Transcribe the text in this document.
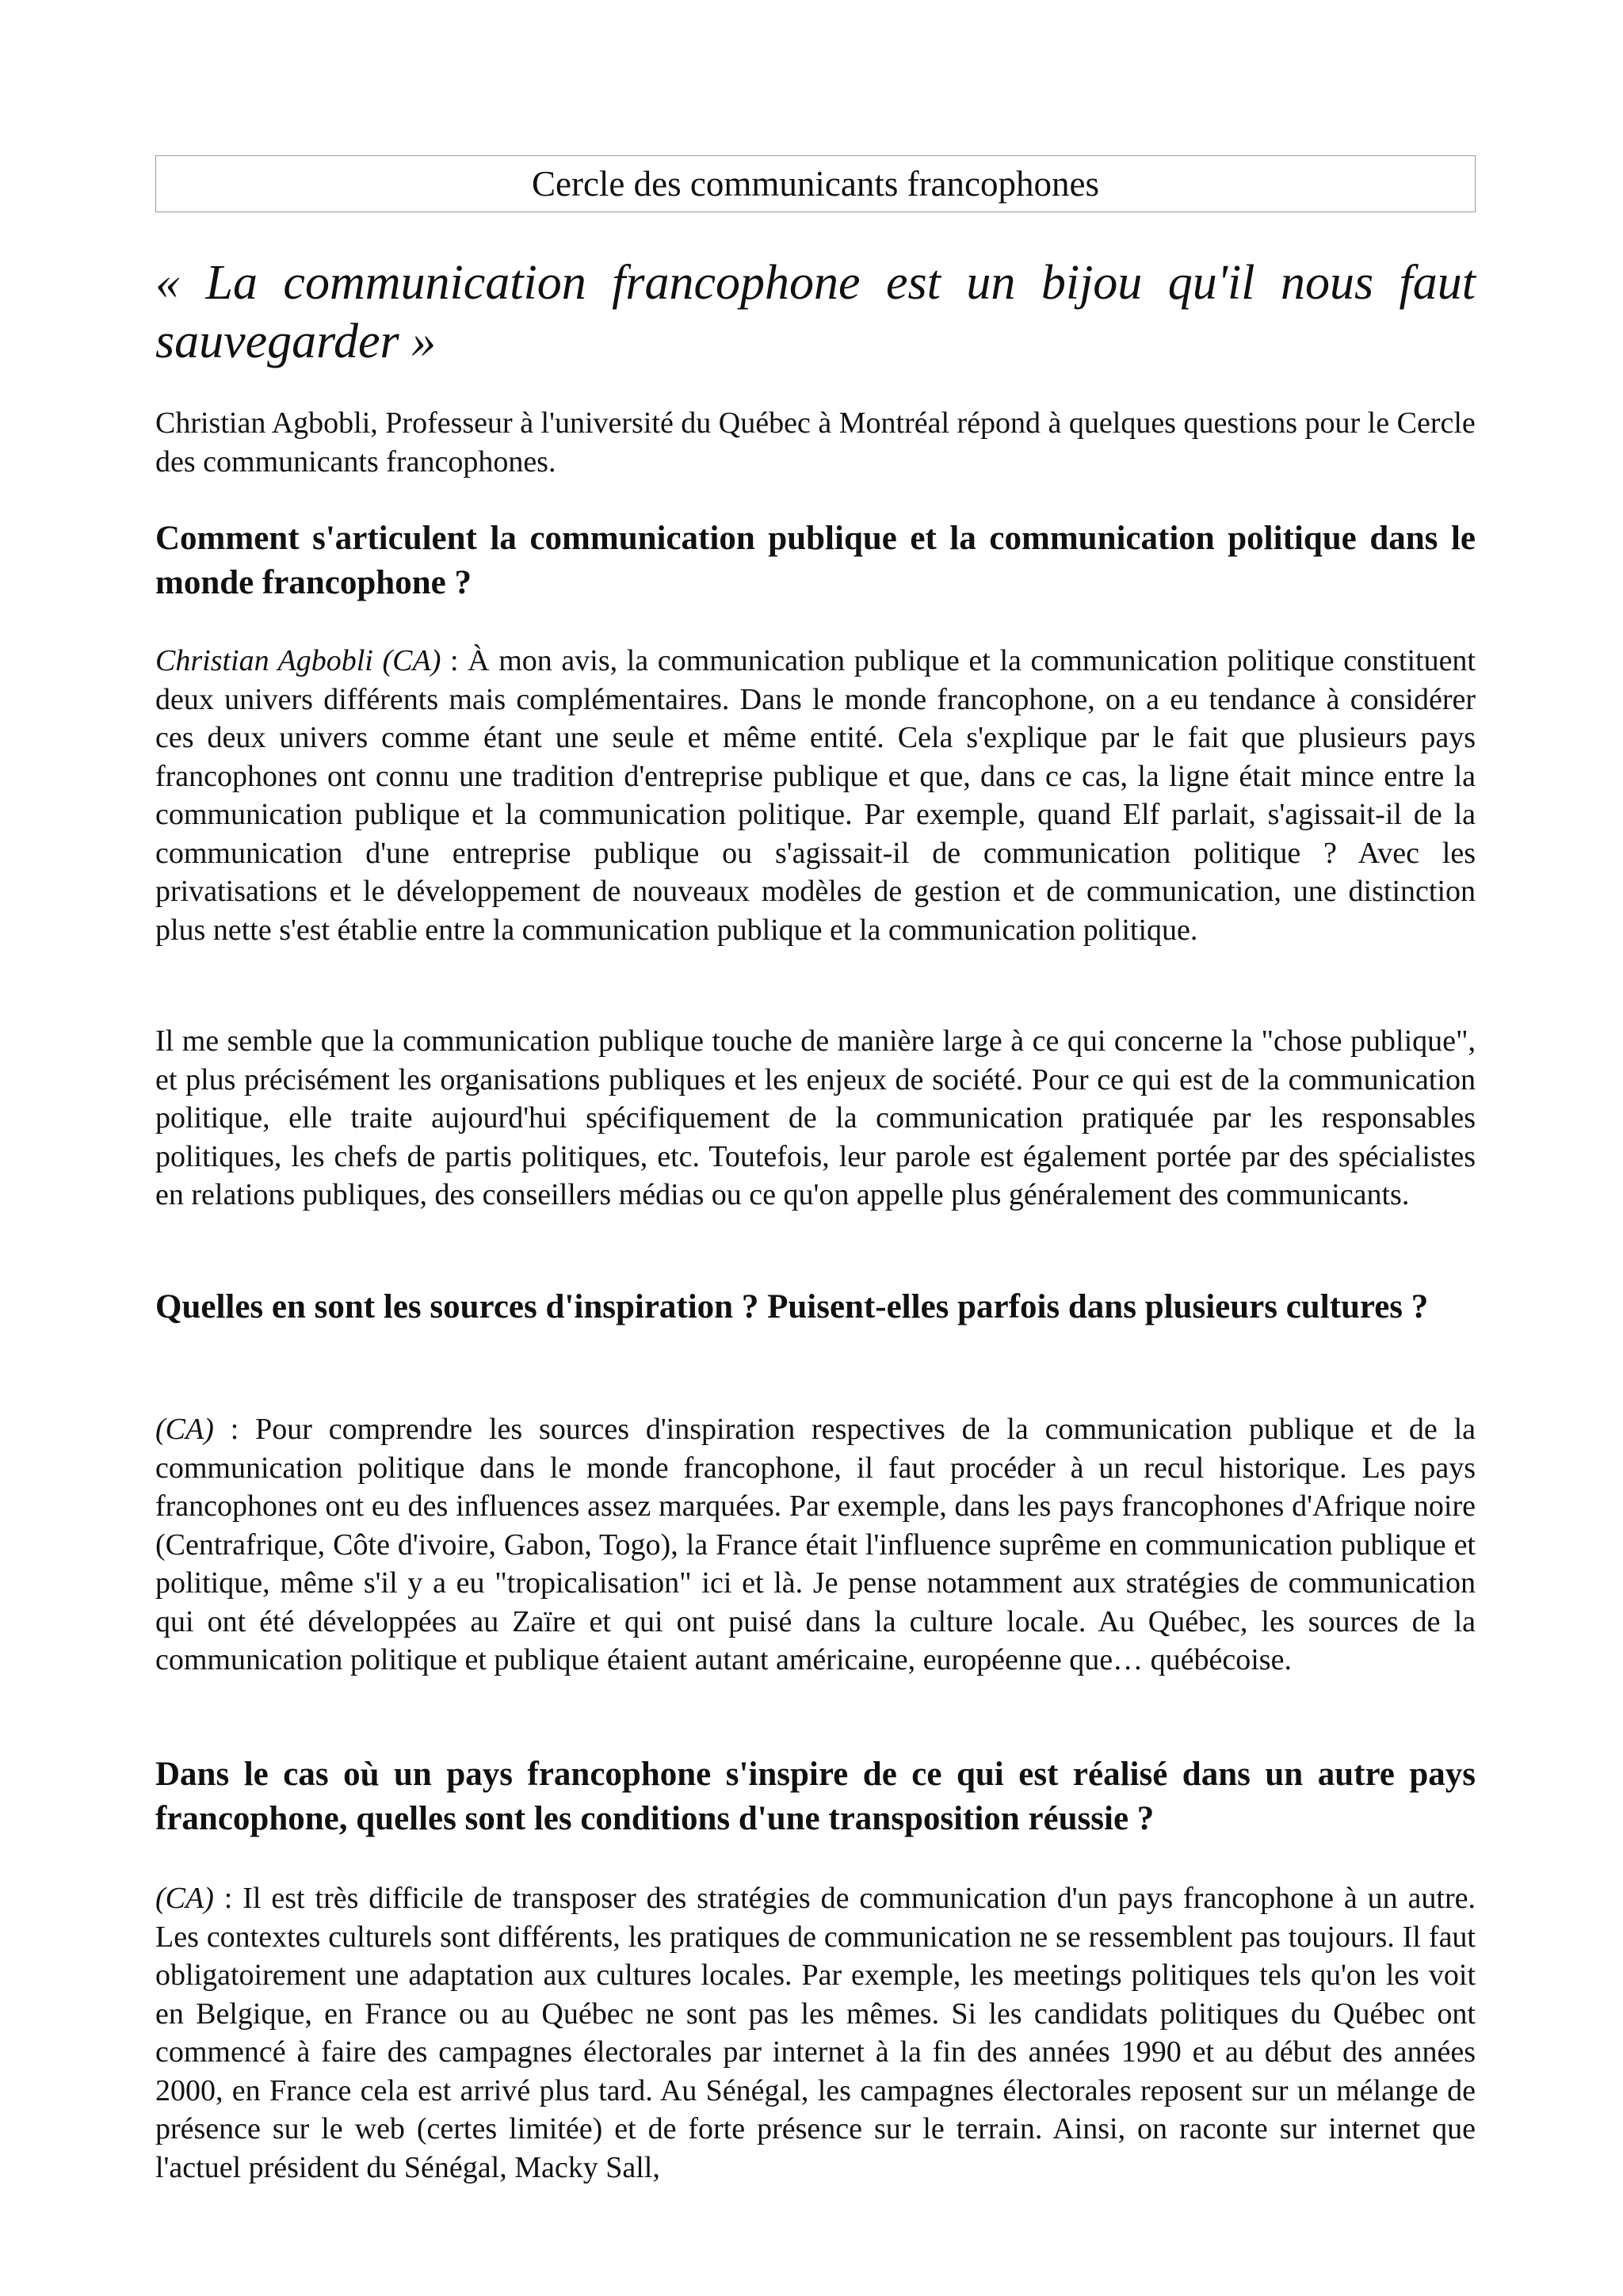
Cercle des communicants francophones
« La communication francophone est un bijou qu'il nous faut sauvegarder »

Christian Agbobli, Professeur à l'université du Québec à Montréal répond à quelques questions pour le Cercle des communicants francophones.

Comment s'articulent la communication publique et la communication politique dans le monde francophone ?

Christian Agbobli (CA) : À mon avis, la communication publique et la communication politique constituent deux univers différents mais complémentaires. Dans le monde francophone, on a eu tendance à considérer ces deux univers comme étant une seule et même entité. Cela s'explique par le fait que plusieurs pays francophones ont connu une tradition d'entreprise publique et que, dans ce cas, la ligne était mince entre la communication publique et la communication politique. Par exemple, quand Elf parlait, s'agissait-il de la communication d'une entreprise publique ou s'agissait-il de communication politique ? Avec les privatisations et le développement de nouveaux modèles de gestion et de communication, une distinction plus nette s'est établie entre la communication publique et la communication politique.

Il me semble que la communication publique touche de manière large à ce qui concerne la "chose publique", et plus précisément les organisations publiques et les enjeux de société. Pour ce qui est de la communication politique, elle traite aujourd'hui spécifiquement de la communication pratiquée par les responsables politiques, les chefs de partis politiques, etc. Toutefois, leur parole est également portée par des spécialistes en relations publiques, des conseillers médias ou ce qu'on appelle plus généralement des communicants.

Quelles en sont les sources d'inspiration ? Puisent-elles parfois dans plusieurs cultures ?

(CA) : Pour comprendre les sources d'inspiration respectives de la communication publique et de la communication politique dans le monde francophone, il faut procéder à un recul historique. Les pays francophones ont eu des influences assez marquées. Par exemple, dans les pays francophones d'Afrique noire (Centrafrique, Côte d'ivoire, Gabon, Togo), la France était l'influence suprême en communication publique et politique, même s'il y a eu "tropicalisation" ici et là. Je pense notamment aux stratégies de communication qui ont été développées au Zaïre et qui ont puisé dans la culture locale. Au Québec, les sources de la communication politique et publique étaient autant américaine, européenne que… québécoise.

Dans le cas où un pays francophone s'inspire de ce qui est réalisé dans un autre pays francophone, quelles sont les conditions d'une transposition réussie ?

(CA) : Il est très difficile de transposer des stratégies de communication d'un pays francophone à un autre. Les contextes culturels sont différents, les pratiques de communication ne se ressemblent pas toujours. Il faut obligatoirement une adaptation aux cultures locales. Par exemple, les meetings politiques tels qu'on les voit en Belgique, en France ou au Québec ne sont pas les mêmes. Si les candidats politiques du Québec ont commencé à faire des campagnes électorales par internet à la fin des années 1990 et au début des années 2000, en France cela est arrivé plus tard. Au Sénégal, les campagnes électorales reposent sur un mélange de présence sur le web (certes limitée) et de forte présence sur le terrain. Ainsi, on raconte sur internet que l'actuel président du Sénégal, Macky Sall,
